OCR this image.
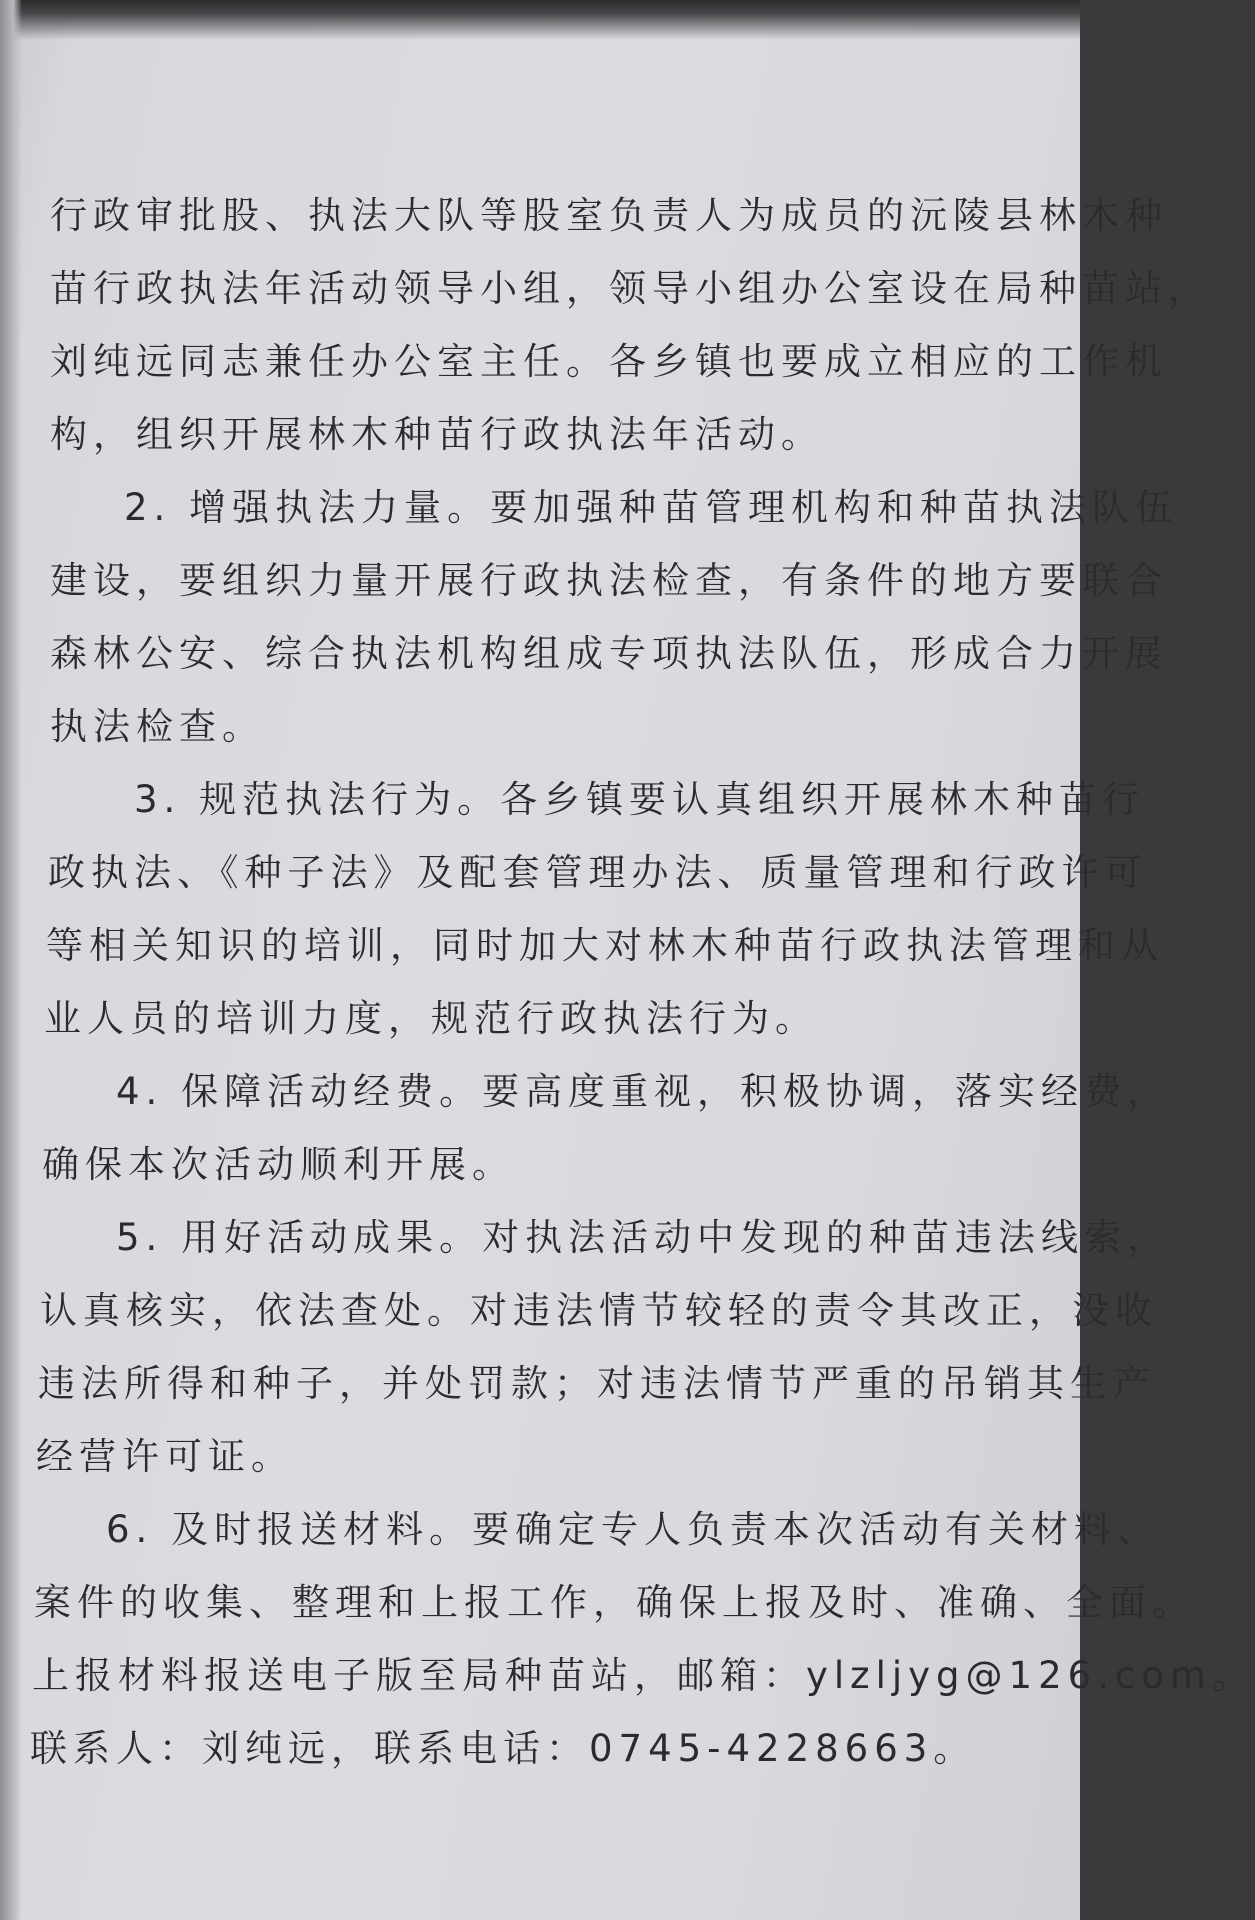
行政审批股、执法大队等股室负责人为成员的沅陵县林木种
苗行政执法年活动领导小组，领导小组办公室设在局种苗站，
刘纯远同志兼任办公室主任。各乡镇也要成立相应的工作机
构，组织开展林木种苗行政执法年活动。
2. 增强执法力量。要加强种苗管理机构和种苗执法队伍
建设，要组织力量开展行政执法检查，有条件的地方要联合
森林公安、综合执法机构组成专项执法队伍，形成合力开展
执法检查。
3. 规范执法行为。各乡镇要认真组织开展林木种苗行
政执法、《种子法》及配套管理办法、质量管理和行政许可
等相关知识的培训，同时加大对林木种苗行政执法管理和从
业人员的培训力度，规范行政执法行为。
4. 保障活动经费。要高度重视，积极协调，落实经费，
确保本次活动顺利开展。
5. 用好活动成果。对执法活动中发现的种苗违法线索，
认真核实，依法查处。对违法情节较轻的责令其改正，没收
违法所得和种子，并处罚款；对违法情节严重的吊销其生产
经营许可证。
6. 及时报送材料。要确定专人负责本次活动有关材料、
案件的收集、整理和上报工作，确保上报及时、准确、全面。
上报材料报送电子版至局种苗站，邮箱：ylzljyg@126.com。
联系人：刘纯远，联系电话：0745-4228663。
